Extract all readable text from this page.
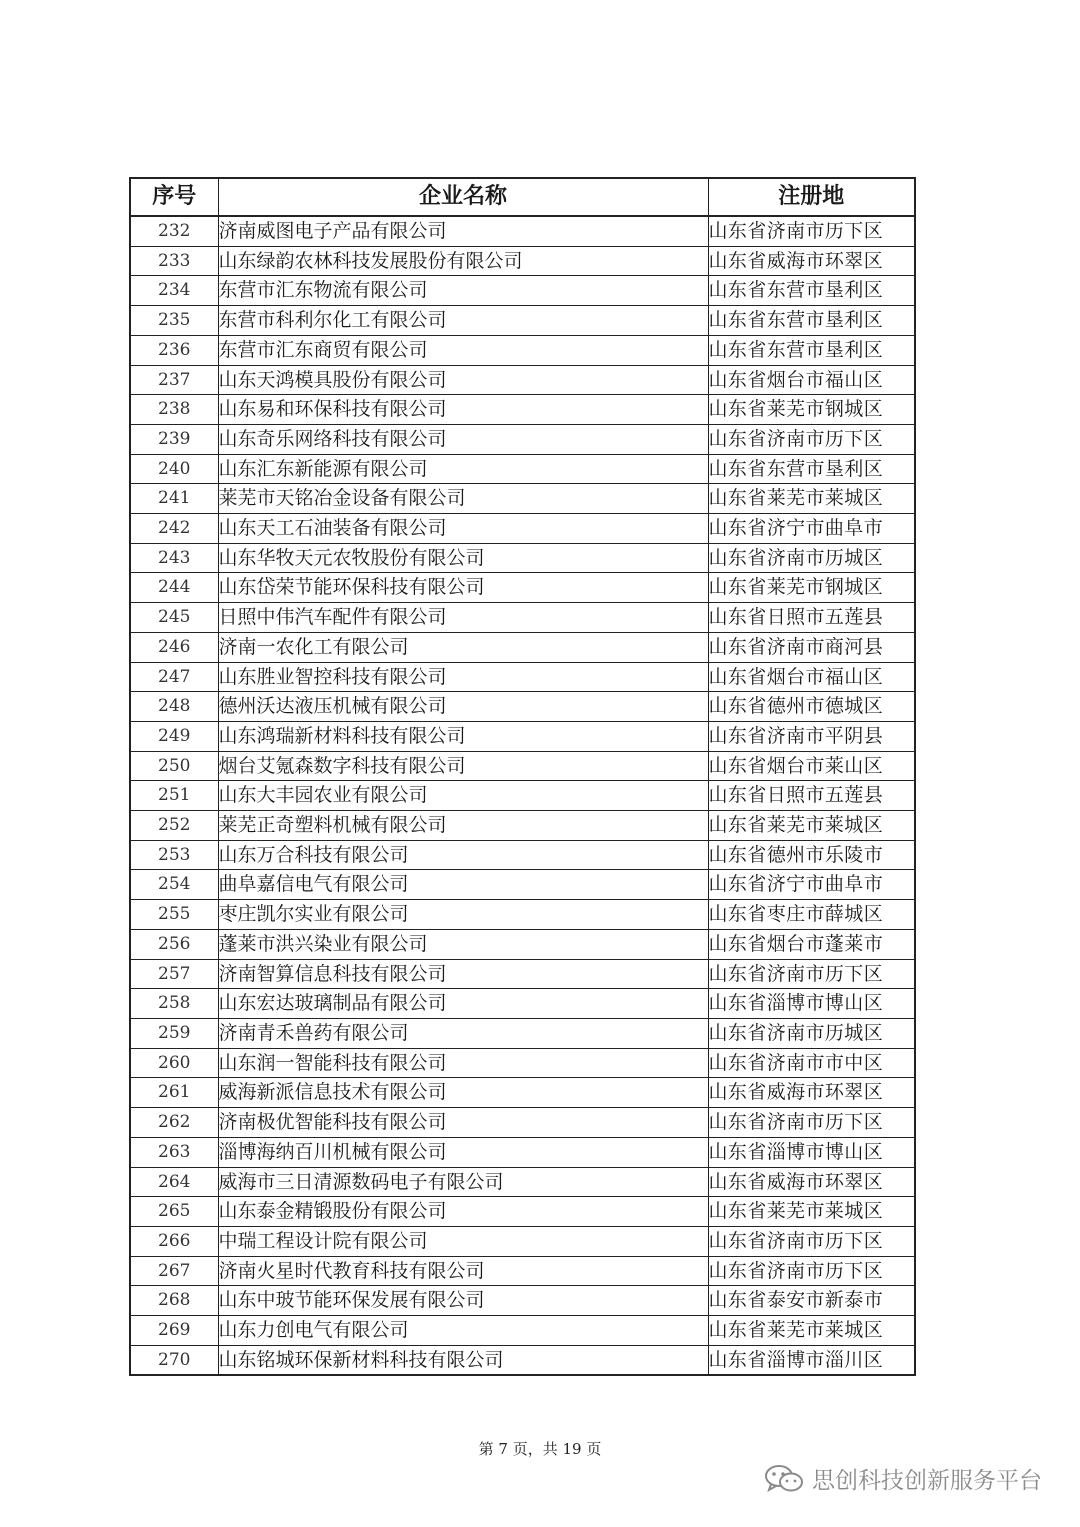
序号	企业名称	注册地
232	济南威图电子产品有限公司	山东省济南市历下区
233	山东绿韵农林科技发展股份有限公司	山东省威海市环翠区
234	东营市汇东物流有限公司	山东省东营市垦利区
235	东营市科利尔化工有限公司	山东省东营市垦利区
236	东营市汇东商贸有限公司	山东省东营市垦利区
237	山东天鸿模具股份有限公司	山东省烟台市福山区
238	山东易和环保科技有限公司	山东省莱芜市钢城区
239	山东奇乐网络科技有限公司	山东省济南市历下区
240	山东汇东新能源有限公司	山东省东营市垦利区
241	莱芜市天铭冶金设备有限公司	山东省莱芜市莱城区
242	山东天工石油装备有限公司	山东省济宁市曲阜市
243	山东华牧天元农牧股份有限公司	山东省济南市历城区
244	山东岱荣节能环保科技有限公司	山东省莱芜市钢城区
245	日照中伟汽车配件有限公司	山东省日照市五莲县
246	济南一农化工有限公司	山东省济南市商河县
247	山东胜业智控科技有限公司	山东省烟台市福山区
248	德州沃达液压机械有限公司	山东省德州市德城区
249	山东鸿瑞新材料科技有限公司	山东省济南市平阴县
250	烟台艾氪森数字科技有限公司	山东省烟台市莱山区
251	山东大丰园农业有限公司	山东省日照市五莲县
252	莱芜正奇塑料机械有限公司	山东省莱芜市莱城区
253	山东万合科技有限公司	山东省德州市乐陵市
254	曲阜嘉信电气有限公司	山东省济宁市曲阜市
255	枣庄凯尔实业有限公司	山东省枣庄市薛城区
256	蓬莱市洪兴染业有限公司	山东省烟台市蓬莱市
257	济南智算信息科技有限公司	山东省济南市历下区
258	山东宏达玻璃制品有限公司	山东省淄博市博山区
259	济南青禾兽药有限公司	山东省济南市历城区
260	山东润一智能科技有限公司	山东省济南市市中区
261	威海新派信息技术有限公司	山东省威海市环翠区
262	济南极优智能科技有限公司	山东省济南市历下区
263	淄博海纳百川机械有限公司	山东省淄博市博山区
264	威海市三日清源数码电子有限公司	山东省威海市环翠区
265	山东泰金精锻股份有限公司	山东省莱芜市莱城区
266	中瑞工程设计院有限公司	山东省济南市历下区
267	济南火星时代教育科技有限公司	山东省济南市历下区
268	山东中玻节能环保发展有限公司	山东省泰安市新泰市
269	山东力创电气有限公司	山东省莱芜市莱城区
270	山东铭城环保新材料科技有限公司	山东省淄博市淄川区
第 7 页，共 19 页
思创科技创新服务平台
